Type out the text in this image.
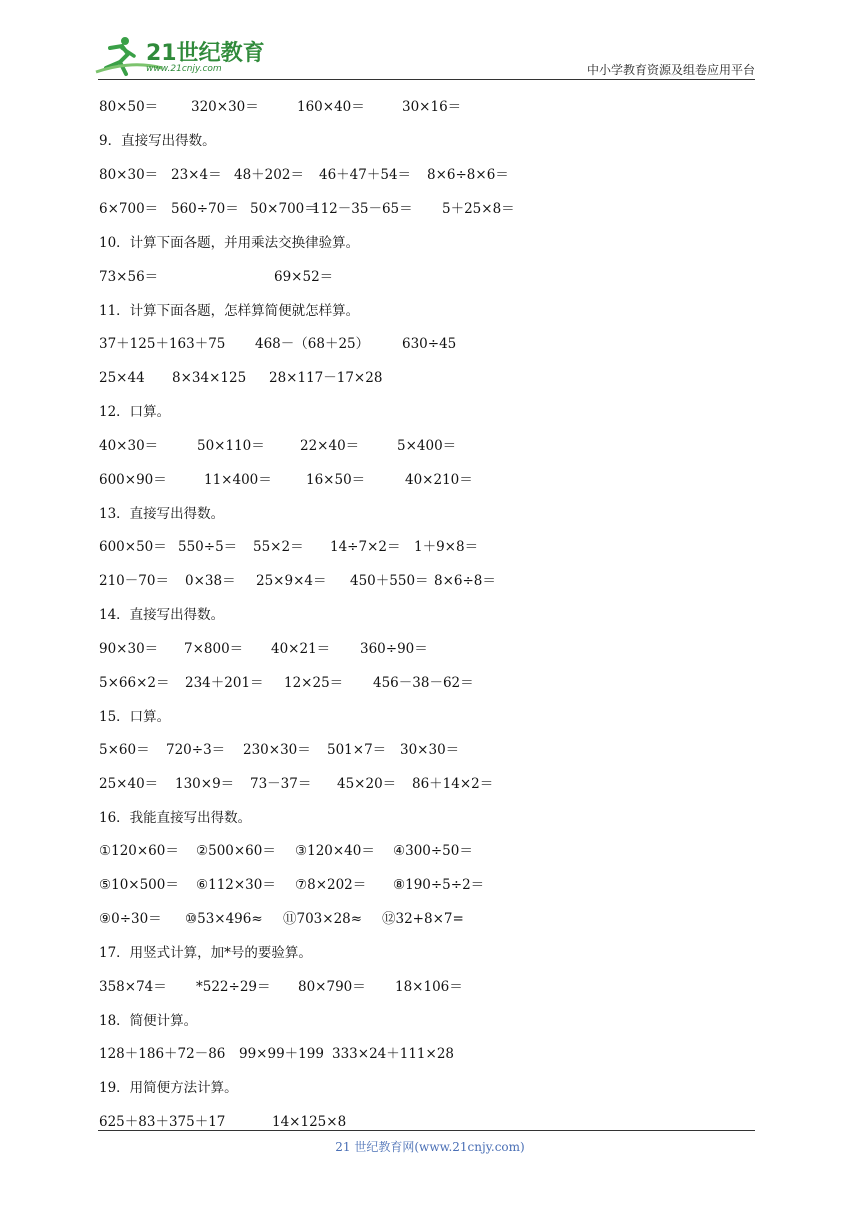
21世纪教育
www.21cnjy.com	中小学教育资源及组卷应用平台
80×50＝ 320×30＝	160×40＝	30×16＝
9．直接写出得数。
80×30＝ 23×4＝ 48＋202＝ 46＋47＋54＝ 8×6÷8×6＝
6×700＝ 560÷70＝ 50×700＝
112－35－65＝ 5＋25×8＝
10．计算下面各题，并用乘法交换律验算。
73×56＝	69×52＝
11．计算下面各题，怎样算简便就怎样算。
37＋125＋163＋75 468－（68＋25） 630÷45
25×44 8×34×125 28×117－17×28
12．口算。
40×30＝	50×110＝	22×40＝	5×400＝
600×90＝	11×400＝	16×50＝	40×210＝
13．直接写出得数。
600×50＝ 550÷5＝ 55×2＝ 14÷7×2＝ 1＋9×8＝
210－70＝ 0×38＝ 25×9×4＝ 450＋550＝ 8×6÷8＝
14．直接写出得数。
90×30＝ 7×800＝ 40×21＝ 360÷90＝
5×66×2＝ 234＋201＝ 12×25＝ 456－38－62＝
15．口算。
5×60＝ 720÷3＝ 230×30＝ 501×7＝ 30×30＝
25×40＝ 130×9＝ 73－37＝ 45×20＝ 86＋14×2＝
16．我能直接写出得数。
①120×60＝ ②500×60＝ ③120×40＝ ④300÷50＝
⑤10×500＝ ⑥112×30＝ ⑦8×202＝ ⑧190÷5÷2＝
⑨0÷30＝ ⑩53×496≈ ⑪703×28≈ ⑫32+8×7=
17．用竖式计算，加*号的要验算。
358×74＝ *522÷29＝ 80×790＝ 18×106＝
18．简便计算。
128＋186＋72－86 99×99＋199 333×24＋111×28
19．用简便方法计算。
625＋83＋375＋17	14×125×8
21 世纪教育网(www.21cnjy.com)
